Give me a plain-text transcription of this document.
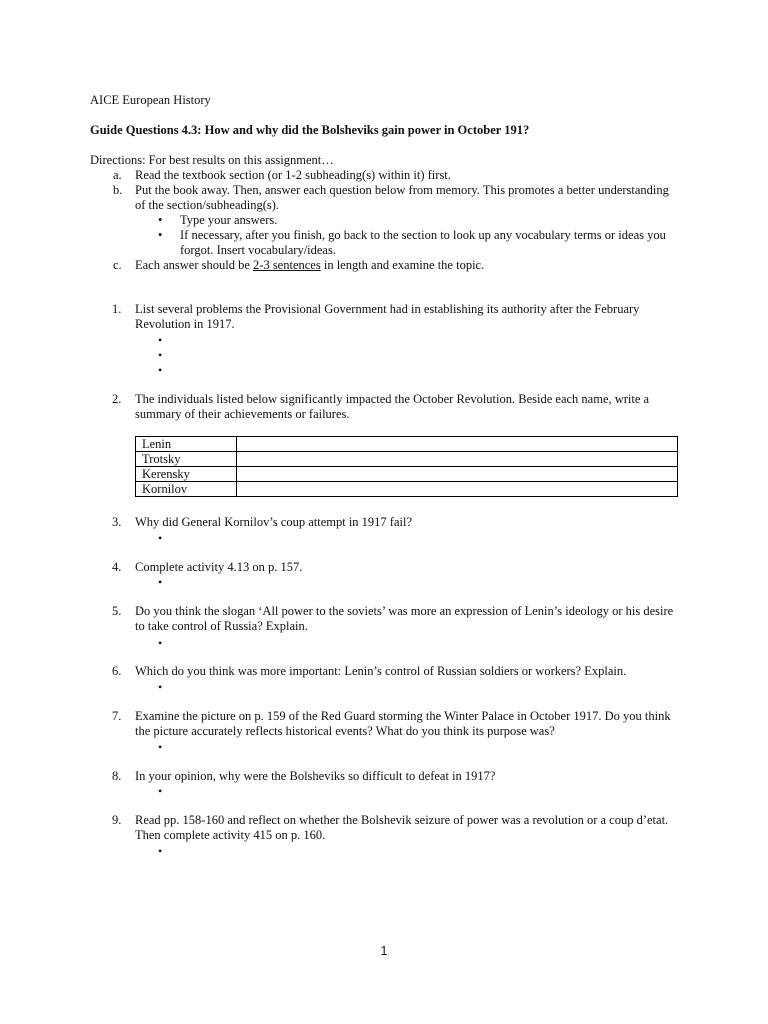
AICE European History
Guide Questions 4.3: How and why did the Bolsheviks gain power in October 191?
Directions: For best results on this assignment…
a. Read the textbook section (or 1-2 subheading(s) within it) first.
b. Put the book away. Then, answer each question below from memory. This promotes a better understanding of the section/subheading(s).
• Type your answers.
• If necessary, after you finish, go back to the section to look up any vocabulary terms or ideas you forgot. Insert vocabulary/ideas.
c. Each answer should be 2-3 sentences in length and examine the topic.
1. List several problems the Provisional Government had in establishing its authority after the February Revolution in 1917.
•
•
•
2. The individuals listed below significantly impacted the October Revolution. Beside each name, write a summary of their achievements or failures.
Lenin	
Trotsky	
Kerensky	
Kornilov	
3. Why did General Kornilov’s coup attempt in 1917 fail?
•
4. Complete activity 4.13 on p. 157.
•
5. Do you think the slogan ‘All power to the soviets’ was more an expression of Lenin’s ideology or his desire to take control of Russia? Explain.
•
6. Which do you think was more important: Lenin’s control of Russian soldiers or workers? Explain.
•
7. Examine the picture on p. 159 of the Red Guard storming the Winter Palace in October 1917. Do you think the picture accurately reflects historical events? What do you think its purpose was?
•
8. In your opinion, why were the Bolsheviks so difficult to defeat in 1917?
•
9. Read pp. 158-160 and reflect on whether the Bolshevik seizure of power was a revolution or a coup d’etat. Then complete activity 415 on p. 160.
•
1
